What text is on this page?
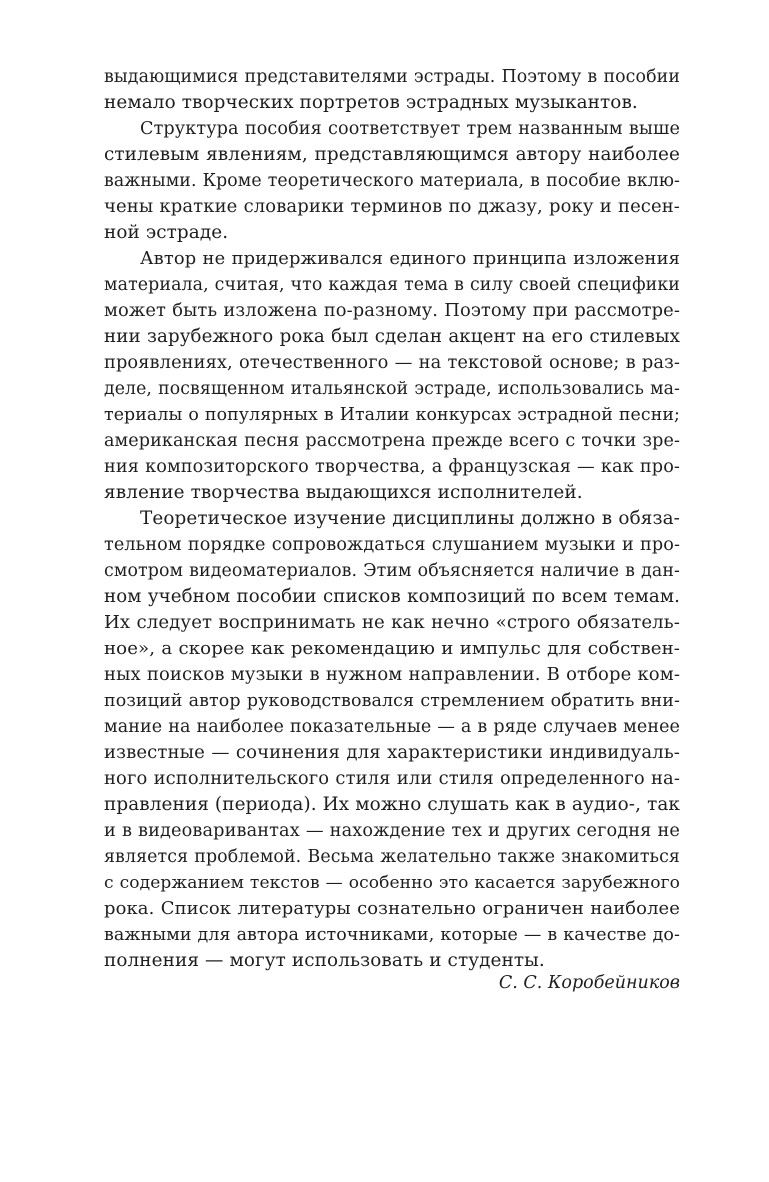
выдающимися представителями эстрады. Поэтому в пособии
немало творческих портретов эстрадных музыкантов.
Структура пособия соответствует трем названным выше
стилевым явлениям, представляющимся автору наиболее
важными. Кроме теоретического материала, в пособие вклю-
чены краткие словарики терминов по джазу, року и песен-
ной эстраде.
Автор не придерживался единого принципа изложения
материала, считая, что каждая тема в силу своей специфики
может быть изложена по-разному. Поэтому при рассмотре-
нии зарубежного рока был сделан акцент на его стилевых
проявлениях, отечественного — на текстовой основе; в раз-
деле, посвященном итальянской эстраде, использовались ма-
териалы о популярных в Италии конкурсах эстрадной песни;
американская песня рассмотрена прежде всего с точки зре-
ния композиторского творчества, а французская — как про-
явление творчества выдающихся исполнителей.
Теоретическое изучение дисциплины должно в обяза-
тельном порядке сопровождаться слушанием музыки и про-
смотром видеоматериалов. Этим объясняется наличие в дан-
ном учебном пособии списков композиций по всем темам.
Их следует воспринимать не как нечно «строго обязатель-
ное», а скорее как рекомендацию и импульс для собствен-
ных поисков музыки в нужном направлении. В отборе ком-
позиций автор руководствовался стремлением обратить вни-
мание на наиболее показательные — а в ряде случаев менее
известные — сочинения для характеристики индивидуаль-
ного исполнительского стиля или стиля определенного на-
правления (периода). Их можно слушать как в аудио-, так
и в видеоваривантах — нахождение тех и других сегодня не
является проблемой. Весьма желательно также знакомиться
с содержанием текстов — особенно это касается зарубежного
рока. Список литературы сознательно ограничен наиболее
важными для автора источниками, которые — в качестве до-
полнения — могут использовать и студенты.
С. С. Коробейников
